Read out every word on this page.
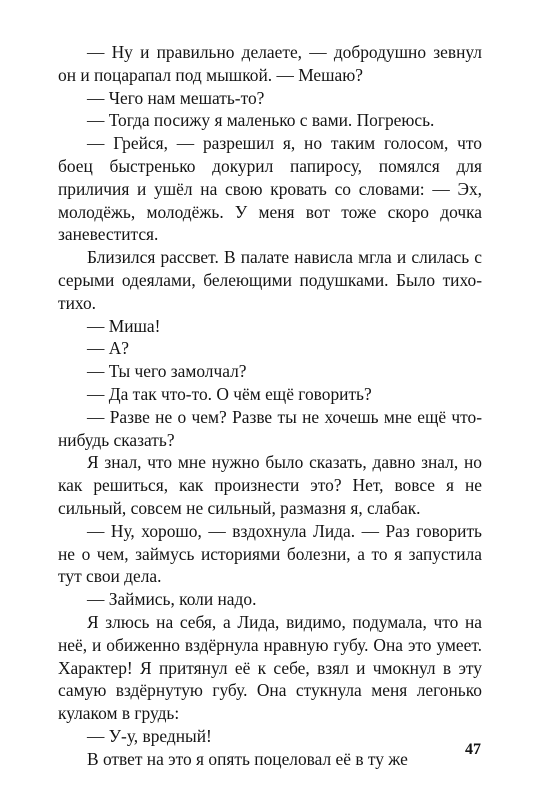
— Ну и правильно делаете, — добродушно зевнул он и поцарапал под мышкой. — Мешаю?

— Чего нам мешать-то?

— Тогда посижу я маленько с вами. Погреюсь.

— Грейся, — разрешил я, но таким голосом, что боец быстренько докурил папиросу, помялся для приличия и ушёл на свою кровать со словами: — Эх, молодёжь, молодёжь. У меня вот тоже скоро дочка заневестится.

Близился рассвет. В палате нависла мгла и слилась с серыми одеялами, белеющими подушками. Было тихо-тихо.

— Миша!

— А?

— Ты чего замолчал?

— Да так что-то. О чём ещё говорить?

— Разве не о чем? Разве ты не хочешь мне ещё что-нибудь сказать?

Я знал, что мне нужно было сказать, давно знал, но как решиться, как произнести это? Нет, вовсе я не сильный, совсем не сильный, размазня я, слабак.

— Ну, хорошо, — вздохнула Лида. — Раз говорить не о чем, займусь историями болезни, а то я запустила тут свои дела.

— Займись, коли надо.

Я злюсь на себя, а Лида, видимо, подумала, что на неё, и обиженно вздёрнула нравную губу. Она это умеет. Характер! Я притянул её к себе, взял и чмокнул в эту самую вздёрнутую губу. Она стукнула меня легонько кулаком в грудь:

— У-у, вредный!

В ответ на это я опять поцеловал её в ту же	47
